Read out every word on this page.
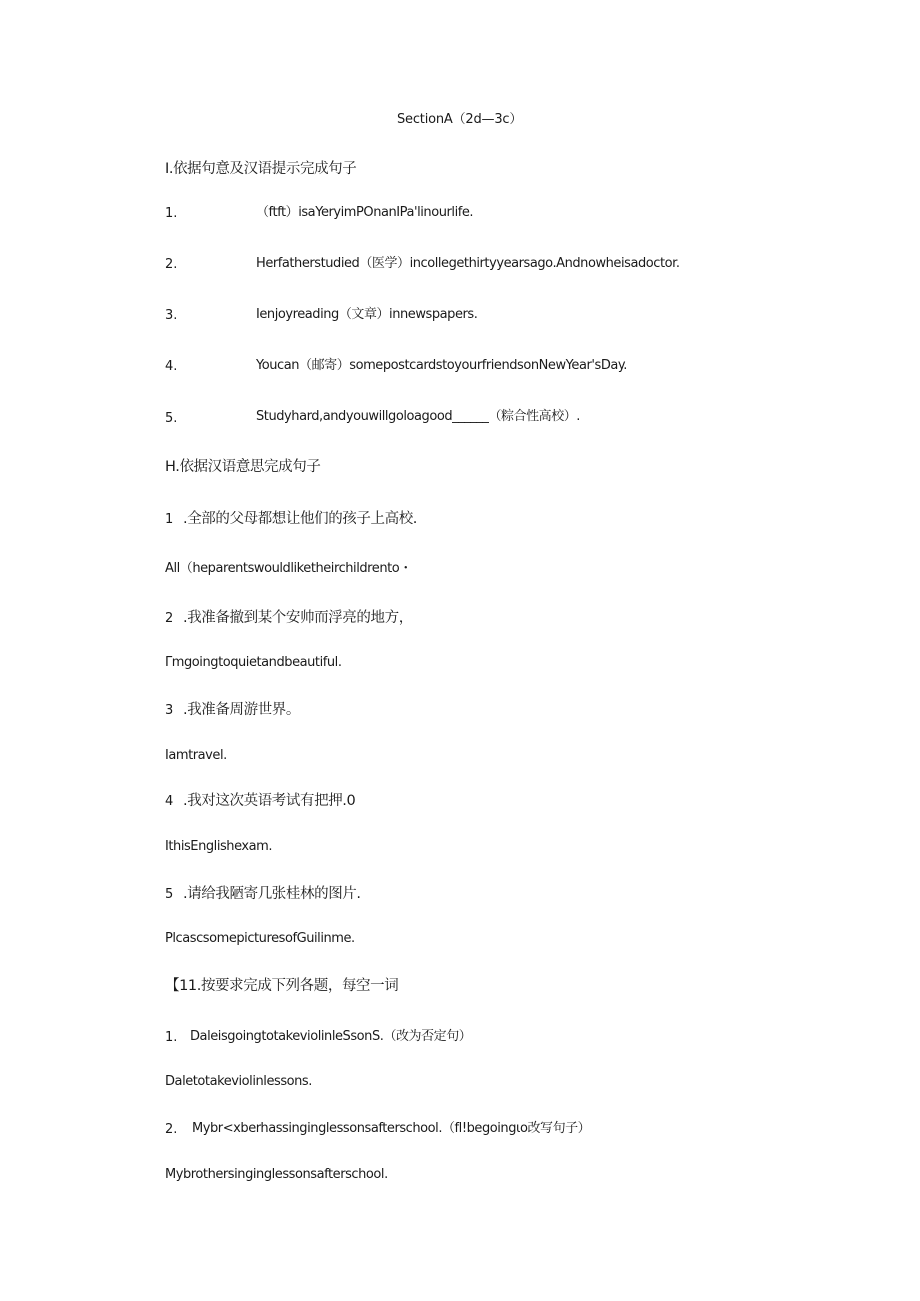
SectionA（2d—3c）
I.依据句意及汉语提示完成句子
1.	（ftft）isaYeryimPOnanIPa'linourlife.
2.	Herfatherstudied（医学）incollegethirtyyearsago.Andnowheisadoctor.
3.	Ienjoyreading（文章）innewspapers.
4.	Youcan（邮寄）somepostcardstoyourfriendsonNewYear'sDay.
5.	Studyhard,andyouwillgoloagood______（粽合性高校）.
H.依据汉语意思完成句子
1 .全部的父母都想让他们的孩子上高校.
All（heparentswouldliketheirchildrento・
2 .我准备撤到某个安帅而浮亮的地方，
Γmgoingtoquietandbeautiful.
3 .我准备周游世界。
Iamtravel.
4 .我对这次英语考试有把押.0
IthisEnglishexam.
5 .请给我陋寄几张桂林的图片.
PlcascsomepicturesofGuilinme.
【11.按要求完成下列各题，每空一词
1. DaleisgoingtotakeviolinleSsonS.（改为否定句）
Daletotakeviolinlessons.
2. Mybr<xberhassinginglessonsafterschool.（fl!begoingιo改写句子）
Mybrothersinginglessonsafterschool.
